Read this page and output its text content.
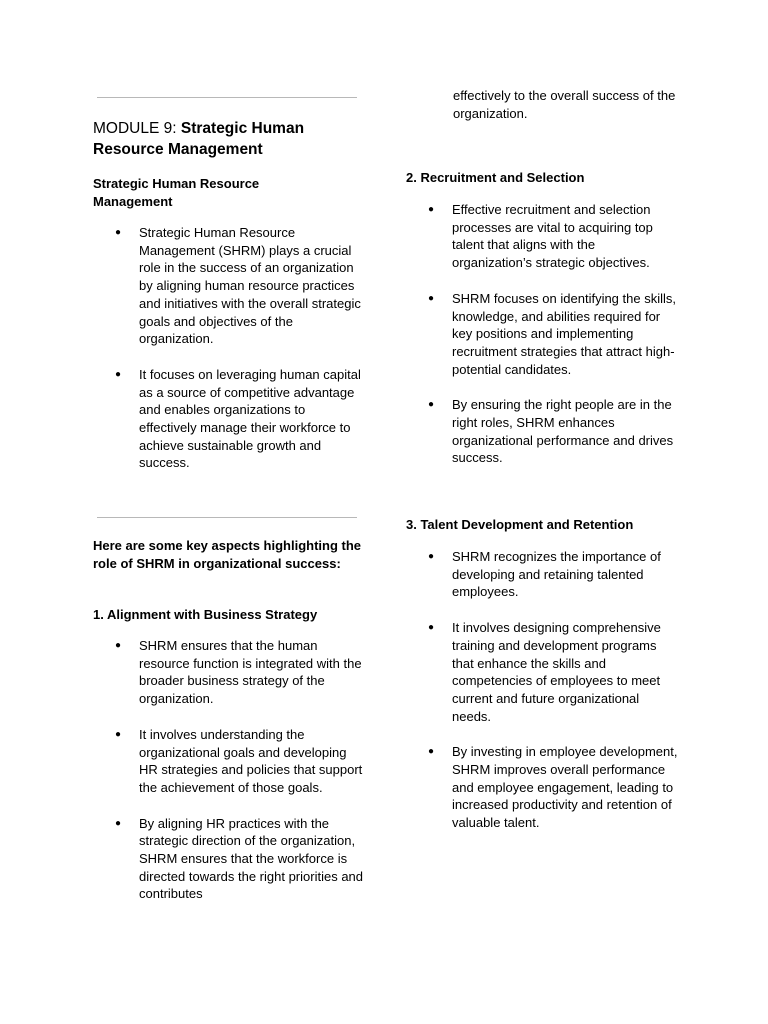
MODULE 9: Strategic Human Resource Management
Strategic Human Resource Management
● Strategic Human Resource Management (SHRM) plays a crucial role in the success of an organization by aligning human resource practices and initiatives with the overall strategic goals and objectives of the organization.
● It focuses on leveraging human capital as a source of competitive advantage and enables organizations to effectively manage their workforce to achieve sustainable growth and success.
Here are some key aspects highlighting the role of SHRM in organizational success:
1. Alignment with Business Strategy
● SHRM ensures that the human resource function is integrated with the broader business strategy of the organization.
● It involves understanding the organizational goals and developing HR strategies and policies that support the achievement of those goals.
● By aligning HR practices with the strategic direction of the organization, SHRM ensures that the workforce is directed towards the right priorities and contributes

effectively to the overall success of the organization.

2. Recruitment and Selection
● Effective recruitment and selection processes are vital to acquiring top talent that aligns with the organization’s strategic objectives.
● SHRM focuses on identifying the skills, knowledge, and abilities required for key positions and implementing recruitment strategies that attract high-potential candidates.
● By ensuring the right people are in the right roles, SHRM enhances organizational performance and drives success.
3. Talent Development and Retention
● SHRM recognizes the importance of developing and retaining talented employees.
● It involves designing comprehensive training and development programs that enhance the skills and competencies of employees to meet current and future organizational needs.
● By investing in employee development, SHRM improves overall performance and employee engagement, leading to increased productivity and retention of valuable talent.
